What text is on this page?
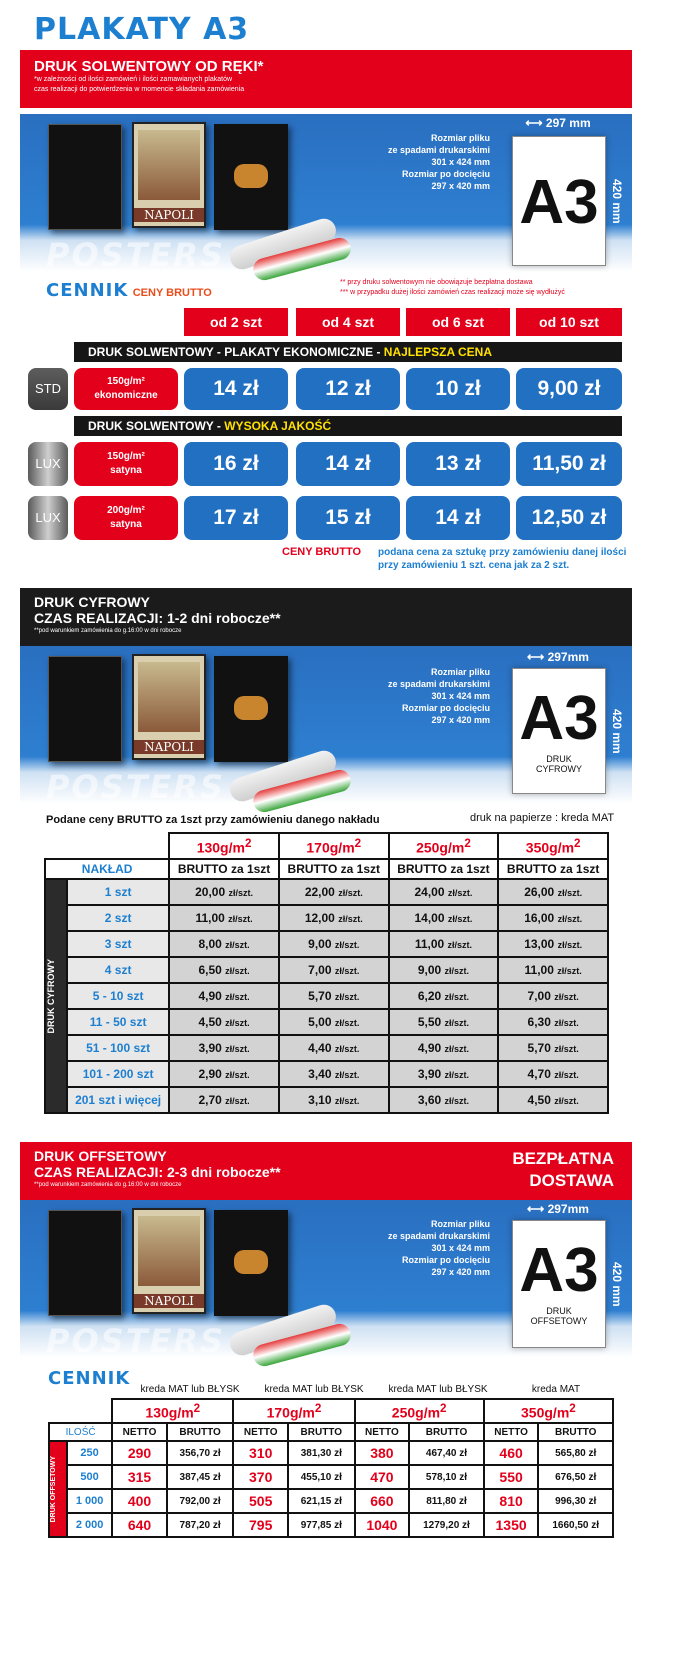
PLAKATY A3
DRUK SOLWENTOWY OD RĘKI*
*w zależności od ilości zamówień i ilości zamawianych plakatów
czas realizacji do potwierdzenia w momencie składania zamówienia
NAPOLI
POSTERS
Rozmiar pliku
ze spadami drukarskimi
301 x 424 mm
Rozmiar po docięciu
297 x 420 mm
⟷ 297 mm
A3 420 mm
CENNIK CENY BRUTTO
** przy druku solwentowym nie obowiązuje bezpłatna dostawa
*** w przypadku dużej ilości zamówień czas realizacji może się wydłużyć
od 2 szt	od 4 szt	od 6 szt	od 10 szt
DRUK SOLWENTOWY - PLAKATY EKONOMICZNE - NAJLEPSZA CENA
STD	150g/m²
ekonomiczne	14 zł	12 zł	10 zł	9,00 zł
DRUK SOLWENTOWY - WYSOKA JAKOŚĆ
LUX	150g/m²
satyna	16 zł	14 zł	13 zł	11,50 zł
LUX	200g/m²
satyna	17 zł	15 zł	14 zł	12,50 zł
CENY BRUTTO podana cena za sztukę przy zamówieniu danej ilości
przy zamówieniu 1 szt. cena jak za 2 szt.
DRUK CYFROWY
CZAS REALIZACJI: 1-2 dni robocze**
**pod warunkiem zamówienia do g.16:00 w dni robocze
NAPOLI
POSTERS
Rozmiar pliku
ze spadami drukarskimi
301 x 424 mm
Rozmiar po docięciu
297 x 420 mm
⟷ 297mm
A3
DRUK
CYFROWY
420 mm
Podane ceny BRUTTO za 1szt przy zamówieniu danego nakładu	druk na papierze : kreda MAT
		$130g/m^2$	$170g/m^2$	$250g/m^2$	$350g/m^2$
NAKŁAD		BRUTTO za 1szt	BRUTTO za 1szt	BRUTTO za 1szt	BRUTTO za 1szt

DRUK CYFROWY	1 szt	20,00 zł/szt.	22,00 zł/szt.	24,00 zł/szt.	26,00 zł/szt.
	2 szt	11,00 zł/szt.	12,00 zł/szt.	14,00 zł/szt.	16,00 zł/szt.
	3 szt	8,00 zł/szt.	9,00 zł/szt.	11,00 zł/szt.	13,00 zł/szt.
	4 szt	6,50 zł/szt.	7,00 zł/szt.	9,00 zł/szt.	11,00 zł/szt.
	5 - 10 szt	4,90 zł/szt.	5,70 zł/szt.	6,20 zł/szt.	7,00 zł/szt.
	11 - 50 szt	4,50 zł/szt.	5,00 zł/szt.	5,50 zł/szt.	6,30 zł/szt.
	51 - 100 szt	3,90 zł/szt.	4,40 zł/szt.	4,90 zł/szt.	5,70 zł/szt.
	101 - 200 szt	2,90 zł/szt.	3,40 zł/szt.	3,90 zł/szt.	4,70 zł/szt.
	201 szt i więcej	2,70 zł/szt.	3,10 zł/szt.	3,60 zł/szt.	4,50 zł/szt.
DRUK OFFSETOWY
CZAS REALIZACJI: 2-3 dni robocze**
**pod warunkiem zamówienia do g.16:00 w dni robocze
BEZPŁATNA
DOSTAWA
NAPOLI
POSTERS
Rozmiar pliku
ze spadami drukarskimi
301 x 424 mm
Rozmiar po docięciu
297 x 420 mm
⟷ 297mm
A3
DRUK
OFFSETOWY
420 mm
CENNIK
kreda MAT lub BŁYSK	kreda MAT lub BŁYSK	kreda MAT lub BŁYSK	kreda MAT
		$130g/m^2$		$170g/m^2$		$250g/m^2$		$350g/m^2$
ILOŚĆ		NETTO	BRUTTO	NETTO	BRUTTO	NETTO	BRUTTO	NETTO	BRUTTO

DRUK OFFSETOWY	250	290	356,70 zł	310	381,30 zł	380	467,40 zł	460	565,80 zł
	500	315	387,45 zł	370	455,10 zł	470	578,10 zł	550	676,50 zł
	1 000	400	792,00 zł	505	621,15 zł	660	811,80 zł	810	996,30 zł
	2 000	640	787,20 zł	795	977,85 zł	1040	1279,20 zł	1350	1660,50 zł
